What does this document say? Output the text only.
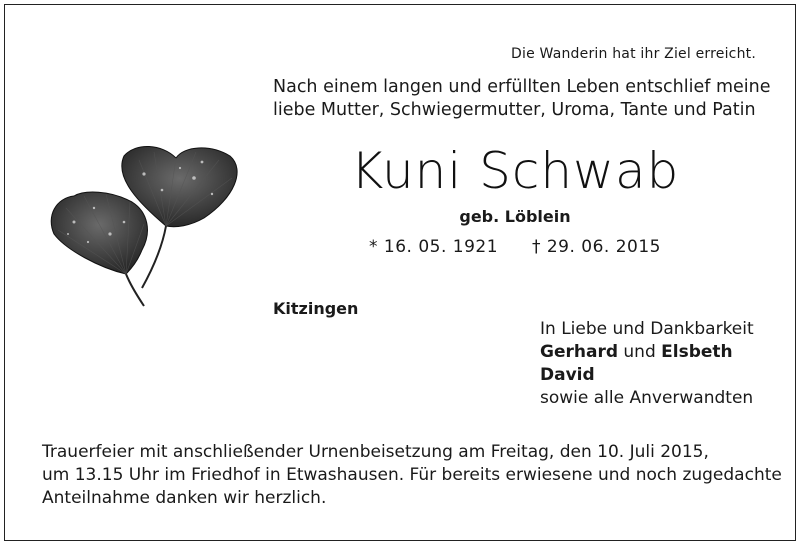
Die Wanderin hat ihr Ziel erreicht.
Nach einem langen und erfüllten Leben entschlief meine
liebe Mutter, Schwiegermutter, Uroma, Tante und Patin
Kuni Schwab
geb. Löblein
* 16. 05. 1921 † 29. 06. 2015
Kitzingen
In Liebe und Dankbarkeit
Gerhard und Elsbeth
David
sowie alle Anverwandten
Trauerfeier mit anschließender Urnenbeisetzung am Freitag, den 10. Juli 2015,
um 13.15 Uhr im Friedhof in Etwashausen. Für bereits erwiesene und noch zugedachte
Anteilnahme danken wir herzlich.
